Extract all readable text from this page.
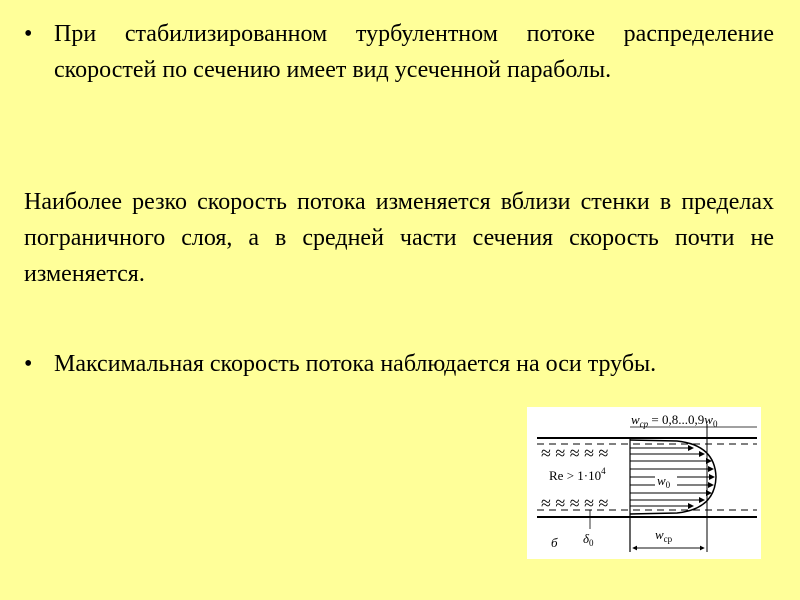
• При стабилизированном турбулентном потоке распределение скоростей по сечению имеет вид усеченной параболы.

Наиболее резко скорость потока изменяется вблизи стенки в пределах пограничного слоя, а в средней части сечения скорость почти не изменяется.

• Максимальная скорость потока наблюдается на оси трубы.
$w_{ср} = 0,8...0,9w_0$
≈ ≈ ≈ ≈ ≈
≈ ≈ ≈ ≈ ≈
$Re > 1\cdot 10^4$
$w_0$
$\delta_0$
б
$w_{ср}$
